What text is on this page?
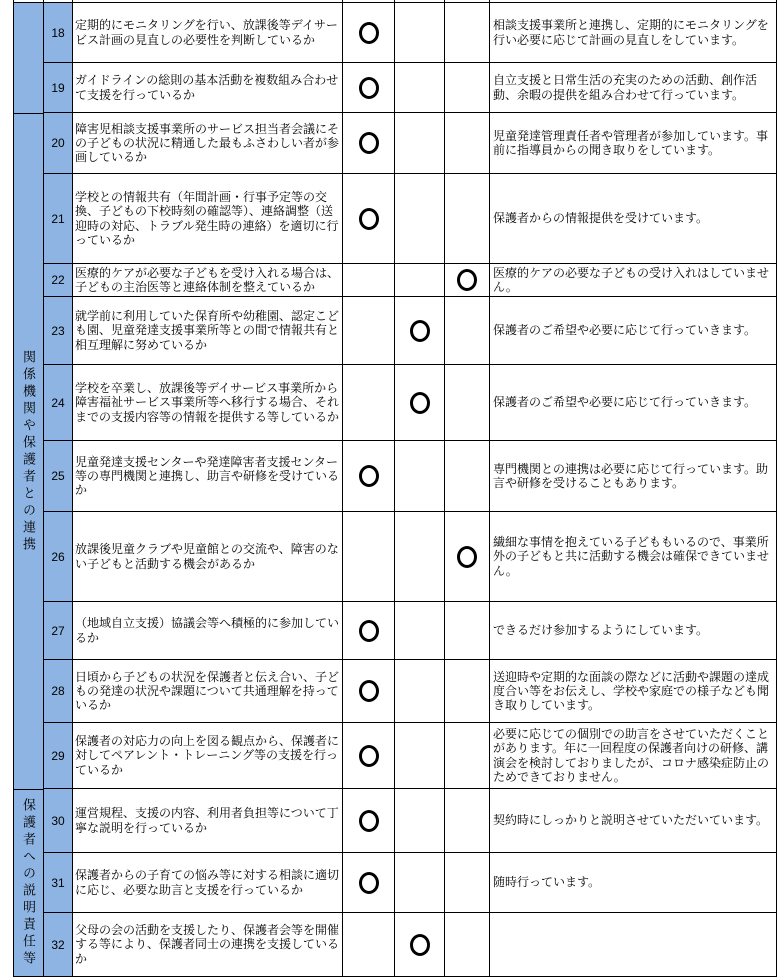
関係機関や保護者との連携
保護者への説明責任等
18
定期的にモニタリングを行い、放課後等デイサービス計画の見直しの必要性を判断しているか
相談支援事業所と連携し、定期的にモニタリングを行い必要に応じて計画の見直しをしています。
19
ガイドラインの総則の基本活動を複数組み合わせて支援を行っているか
自立支援と日常生活の充実のための活動、創作活動、余暇の提供を組み合わせて行っています。
20
障害児相談支援事業所のサービス担当者会議にその子どもの状況に精通した最もふさわしい者が参画しているか
児童発達管理責任者や管理者が参加しています。事前に指導員からの聞き取りをしています。
21
学校との情報共有（年間計画・行事予定等の交換、子どもの下校時刻の確認等）、連絡調整（送迎時の対応、トラブル発生時の連絡）を適切に行っているか
保護者からの情報提供を受けています。
22
医療的ケアが必要な子どもを受け入れる場合は、子どもの主治医等と連絡体制を整えているか
医療的ケアの必要な子どもの受け入れはしていません。
23
就学前に利用していた保育所や幼稚園、認定こども園、児童発達支援事業所等との間で情報共有と相互理解に努めているか
保護者のご希望や必要に応じて行っていきます。
24
学校を卒業し、放課後等デイサービス事業所から障害福祉サービス事業所等へ移行する場合、それまでの支援内容等の情報を提供する等しているか
保護者のご希望や必要に応じて行っていきます。
25
児童発達支援センターや発達障害者支援センター等の専門機関と連携し、助言や研修を受けているか
専門機関との連携は必要に応じて行っています。助言や研修を受けることもあります。
26
放課後児童クラブや児童館との交流や、障害のない子どもと活動する機会があるか
繊細な事情を抱えている子どももいるので、事業所外の子どもと共に活動する機会は確保できていません。
27
（地域自立支援）協議会等へ積極的に参加しているか
できるだけ参加するようにしています。
28
日頃から子どもの状況を保護者と伝え合い、子どもの発達の状況や課題について共通理解を持っているか
送迎時や定期的な面談の際などに活動や課題の達成度合い等をお伝えし、学校や家庭での様子なども聞き取りしています。
29
保護者の対応力の向上を図る観点から、保護者に対してペアレント・トレーニング等の支援を行っているか
必要に応じての個別での助言をさせていただくことがあります。年に一回程度の保護者向けの研修、講演会を検討しておりましたが、コロナ感染症防止のためできておりません。
30
運営規程、支援の内容、利用者負担等について丁寧な説明を行っているか
契約時にしっかりと説明させていただいています。
31
保護者からの子育ての悩み等に対する相談に適切に応じ、必要な助言と支援を行っているか
随時行っています。
32
父母の会の活動を支援したり、保護者会等を開催する等により、保護者同士の連携を支援しているか
